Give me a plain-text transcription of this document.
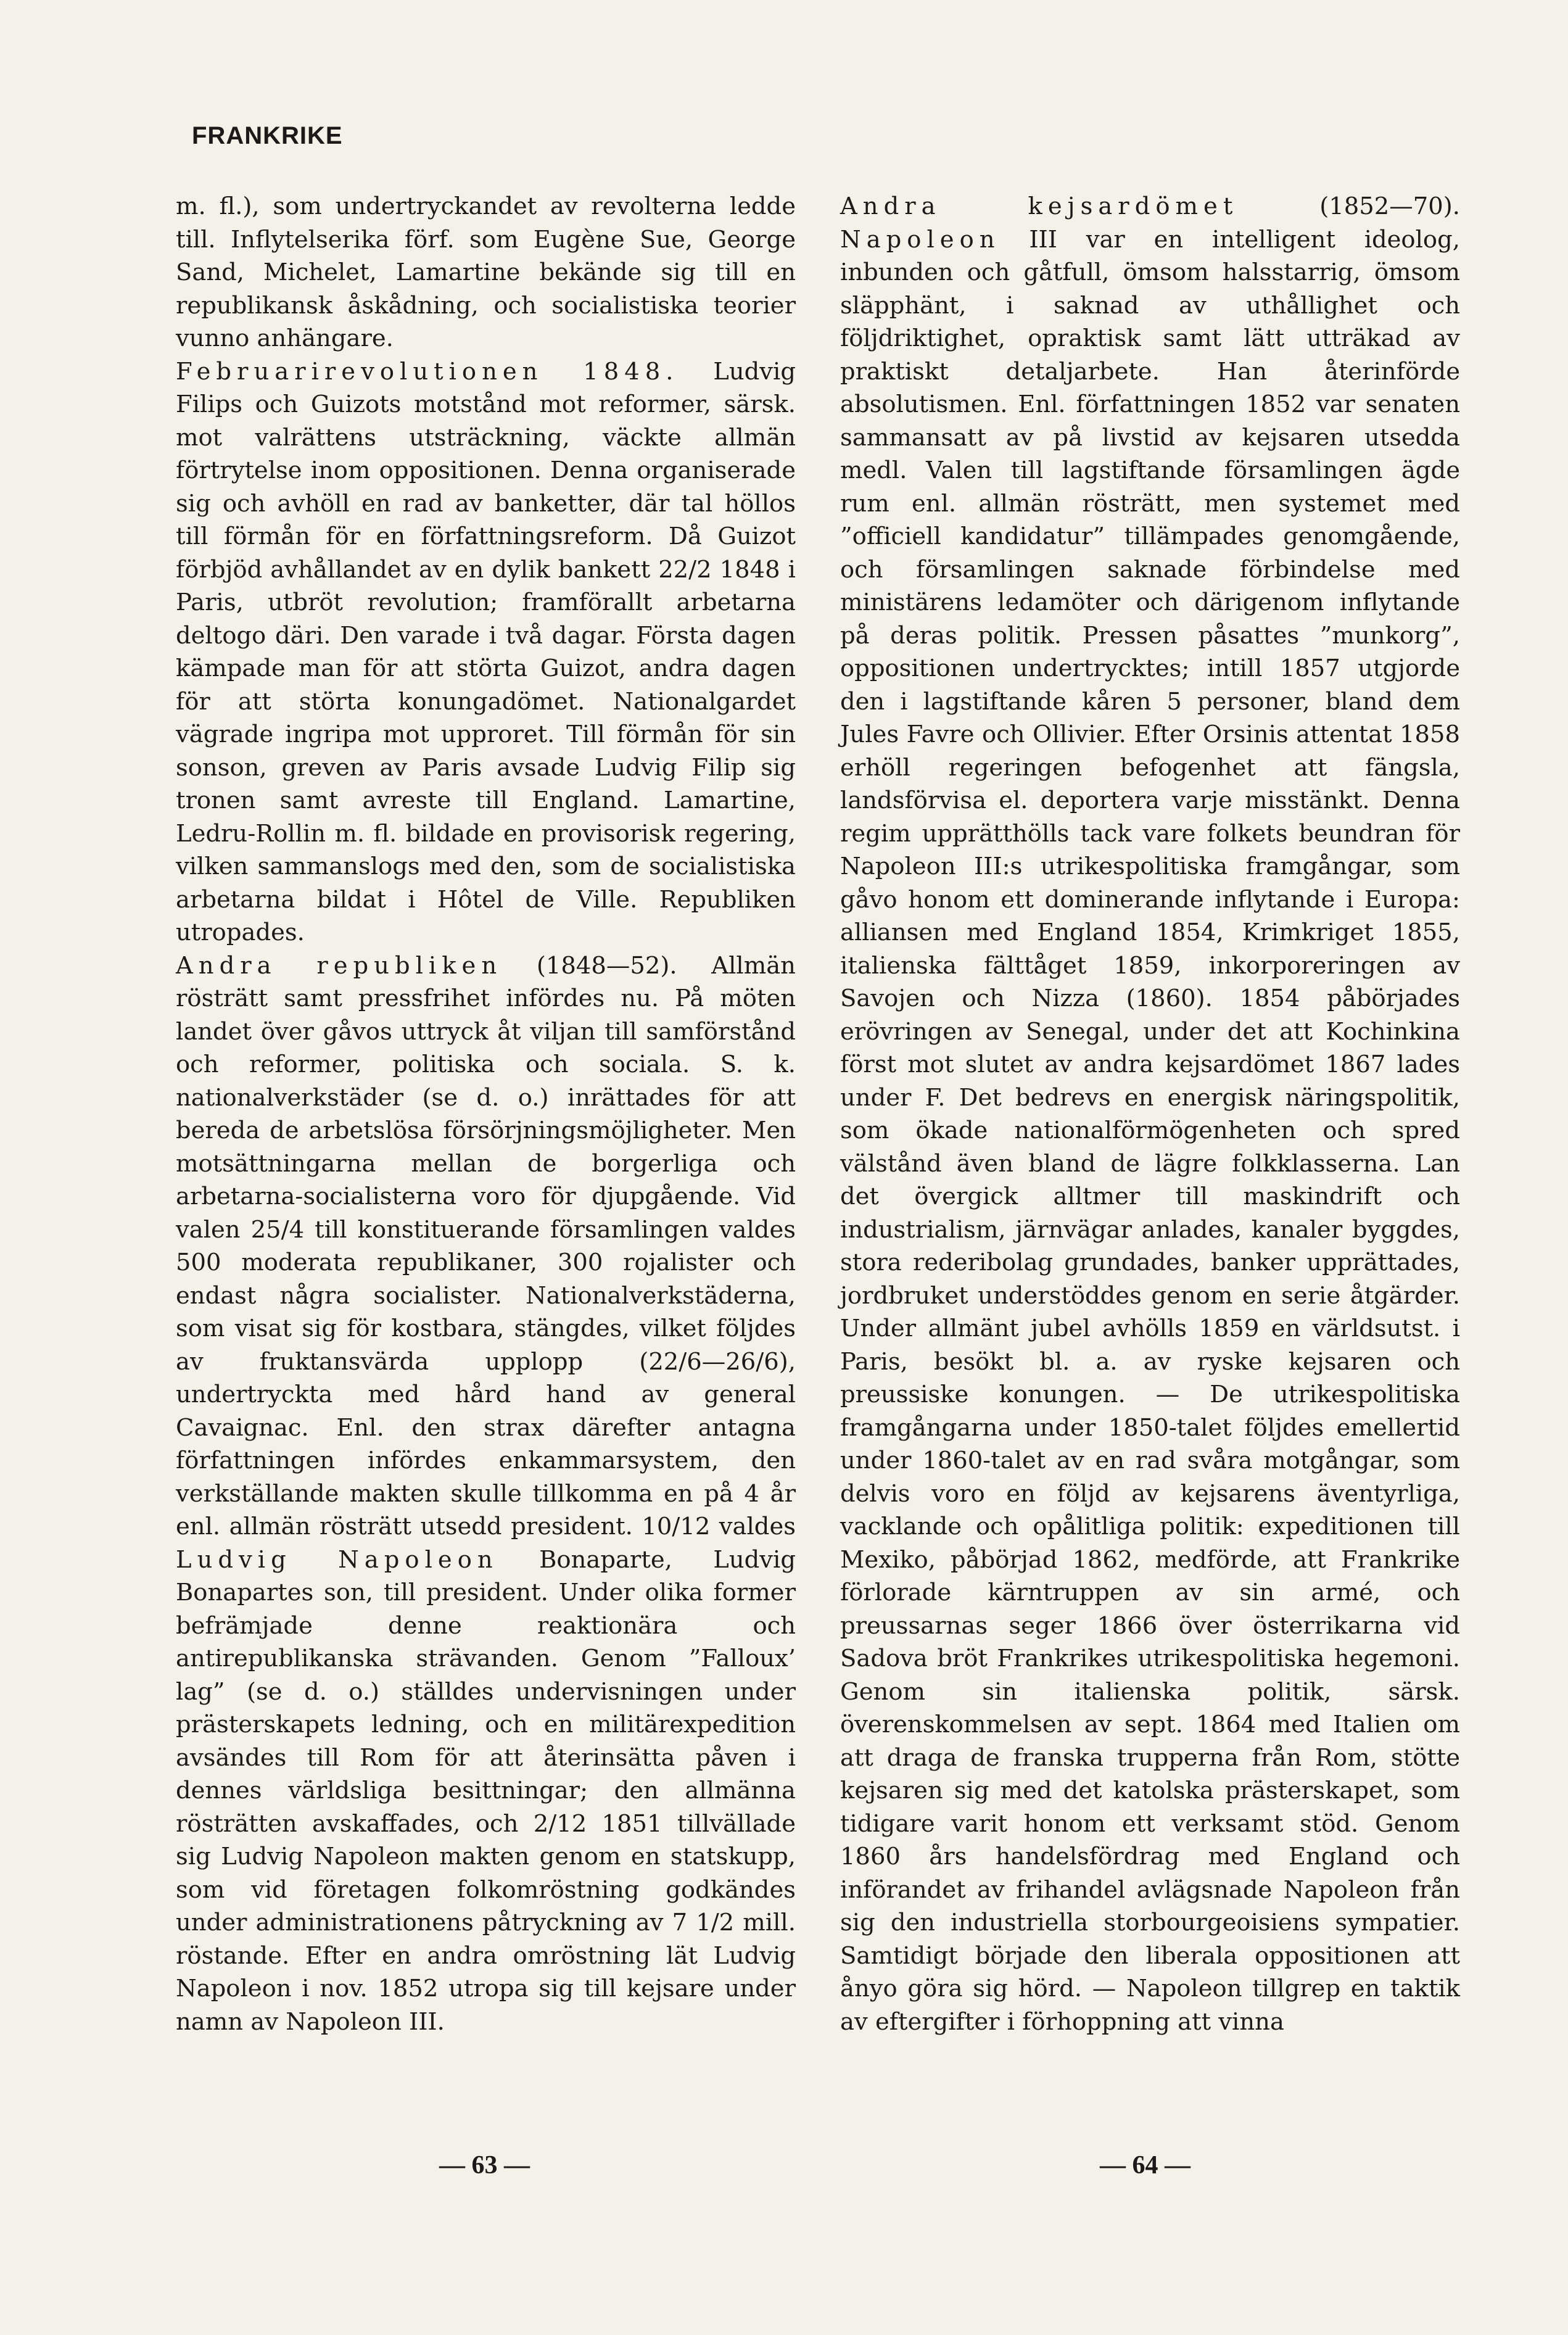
FRANKRIKE

m. fl.), som undertryckandet av revolterna ledde till. Inflytelserika förf. som Eugène Sue, George Sand, Michelet, Lamartine bekände sig till en republikansk åskådning, och socialistiska teorier vunno anhängare.

Februarirevolutionen 1848. Ludvig Filips och Guizots motstånd mot reformer, särsk. mot valrättens utsträckning, väckte allmän förtrytelse inom oppositionen. Denna organiserade sig och avhöll en rad av banketter, där tal höllos till förmån för en författningsreform. Då Guizot förbjöd avhållandet av en dylik bankett 22/2 1848 i Paris, utbröt revolution; framförallt arbetarna deltogo däri. Den varade i två dagar. Första dagen kämpade man för att störta Guizot, andra dagen för att störta konungadömet. Nationalgardet vägrade ingripa mot upproret. Till förmån för sin sonson, greven av Paris avsade Ludvig Filip sig tronen samt avreste till England. Lamartine, Ledru-Rollin m. fl. bildade en provisorisk regering, vilken sammanslogs med den, som de socialistiska arbetarna bildat i Hôtel de Ville. Republiken utropades.

Andra republiken (1848—52). Allmän rösträtt samt pressfrihet infördes nu. På möten landet över gåvos uttryck åt viljan till samförstånd och reformer, politiska och sociala. S. k. nationalverkstäder (se d. o.) inrättades för att bereda de arbetslösa försörjningsmöjligheter. Men motsättningarna mellan de borgerliga och arbetarna-socialisterna voro för djupgående. Vid valen 25/4 till konstituerande församlingen valdes 500 moderata republikaner, 300 rojalister och endast några socialister. Nationalverkstäderna, som visat sig för kostbara, stängdes, vilket följdes av fruktansvärda upplopp (22/6—26/6), undertryckta med hård hand av general Cavaignac. Enl. den strax därefter antagna författningen infördes enkammarsystem, den verkställande makten skulle tillkomma en på 4 år enl. allmän rösträtt utsedd president. 10/12 valdes Ludvig Napoleon Bonaparte, Ludvig Bonapartes son, till president. Under olika former befrämjade denne reaktionära och antirepublikanska strävanden. Genom ”Falloux’ lag” (se d. o.) ställdes undervisningen under prästerskapets ledning, och en militärexpedition avsändes till Rom för att återinsätta påven i dennes världsliga besittningar; den allmänna rösträtten avskaffades, och 2/12 1851 tillvällade sig Ludvig Napoleon makten genom en statskupp, som vid företagen folkomröstning godkändes under administrationens påtryckning av 7 1/2 mill. röstande. Efter en andra omröstning lät Ludvig Napoleon i nov. 1852 utropa sig till kejsare under namn av Napoleon III.

Andra kejsardömet (1852—70). Napoleon III var en intelligent ideolog, inbunden och gåtfull, ömsom halsstarrig, ömsom släpphänt, i saknad av uthållighet och följdriktighet, opraktisk samt lätt utträkad av praktiskt detaljarbete. Han återinförde absolutismen. Enl. författningen 1852 var senaten sammansatt av på livstid av kejsaren utsedda medl. Valen till lagstiftande församlingen ägde rum enl. allmän rösträtt, men systemet med ”officiell kandidatur” tillämpades genomgående, och församlingen saknade förbindelse med ministärens ledamöter och därigenom inflytande på deras politik. Pressen påsattes ”munkorg”, oppositionen undertrycktes; intill 1857 utgjorde den i lagstiftande kåren 5 personer, bland dem Jules Favre och Ollivier. Efter Orsinis attentat 1858 erhöll regeringen befogenhet att fängsla, landsförvisa el. deportera varje misstänkt. Denna regim upprätthölls tack vare folkets beundran för Napoleon III:s utrikespolitiska framgångar, som gåvo honom ett dominerande inflytande i Europa: alliansen med England 1854, Krimkriget 1855, italienska fälttåget 1859, inkorporeringen av Savojen och Nizza (1860). 1854 påbörjades erövringen av Senegal, under det att Kochinkina först mot slutet av andra kejsardömet 1867 lades under F. Det bedrevs en energisk näringspolitik, som ökade nationalförmögenheten och spred välstånd även bland de lägre folkklasserna. Lan det övergick alltmer till maskindrift och industrialism, järnvägar anlades, kanaler byggdes, stora rederibolag grundades, banker upprättades, jordbruket understöddes genom en serie åtgärder. Under allmänt jubel avhölls 1859 en världsutst. i Paris, besökt bl. a. av ryske kejsaren och preussiske konungen. — De utrikespolitiska framgångarna under 1850-talet följdes emellertid under 1860-talet av en rad svåra motgångar, som delvis voro en följd av kejsarens äventyrliga, vacklande och opålitliga politik: expeditionen till Mexiko, påbörjad 1862, medförde, att Frankrike förlorade kärntruppen av sin armé, och preussarnas seger 1866 över österrikarna vid Sadova bröt Frankrikes utrikespolitiska hegemoni. Genom sin italienska politik, särsk. överenskommelsen av sept. 1864 med Italien om att draga de franska trupperna från Rom, stötte kejsaren sig med det katolska prästerskapet, som tidigare varit honom ett verksamt stöd. Genom 1860 års handelsfördrag med England och införandet av frihandel avlägsnade Napoleon från sig den industriella storbourgeoisiens sympatier. Samtidigt började den liberala oppositionen att ånyo göra sig hörd. — Napoleon tillgrep en taktik av eftergifter i förhoppning att vinna

— 63 —	— 64 —
